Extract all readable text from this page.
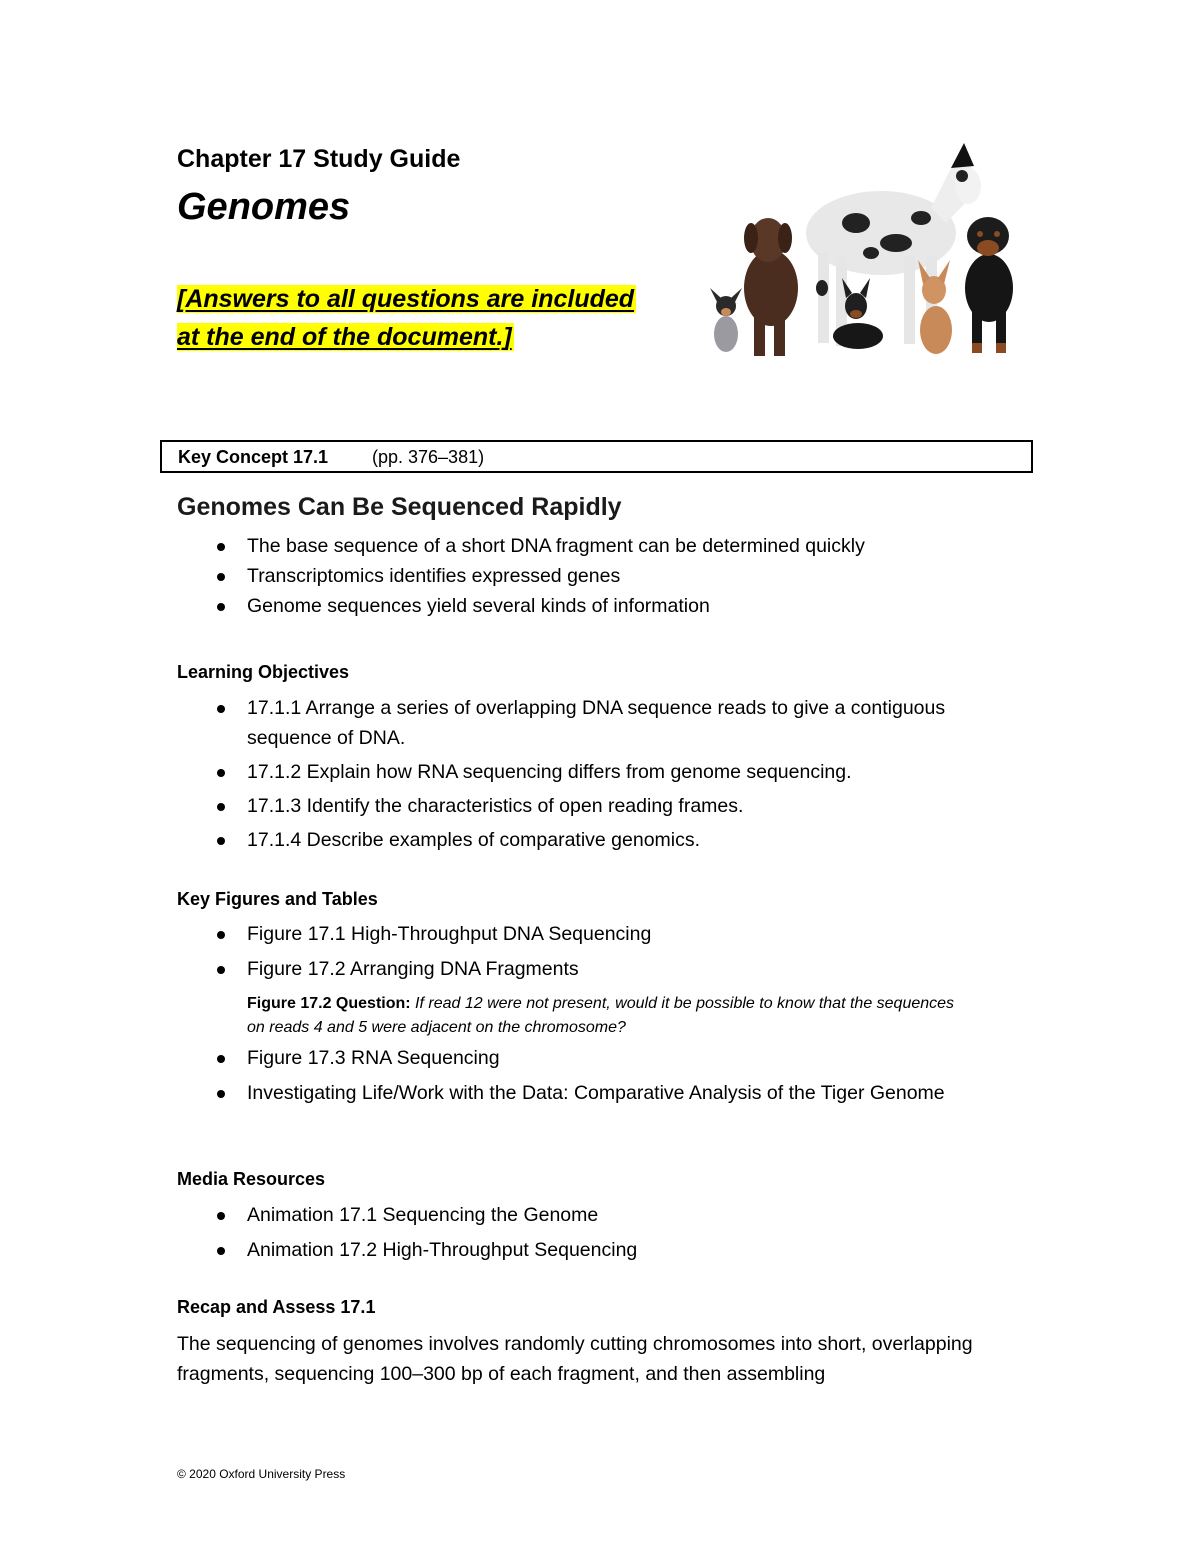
Chapter 17 Study Guide
Genomes
[Answers to all questions are included
at the end of the document.]
Key Concept 17.1 (pp. 376–381)
Genomes Can Be Sequenced Rapidly
The base sequence of a short DNA fragment can be determined quickly
Transcriptomics identifies expressed genes
Genome sequences yield several kinds of information
Learning Objectives
17.1.1 Arrange a series of overlapping DNA sequence reads to give a contiguous sequence of DNA.
17.1.2 Explain how RNA sequencing differs from genome sequencing.
17.1.3 Identify the characteristics of open reading frames.
17.1.4 Describe examples of comparative genomics.
Key Figures and Tables
Figure 17.1 High-Throughput DNA Sequencing
Figure 17.2 Arranging DNA Fragments
Figure 17.2 Question: If read 12 were not present, would it be possible to know that the sequences on reads 4 and 5 were adjacent on the chromosome?
Figure 17.3 RNA Sequencing
Investigating Life/Work with the Data: Comparative Analysis of the Tiger Genome
Media Resources
Animation 17.1 Sequencing the Genome
Animation 17.2 High-Throughput Sequencing
Recap and Assess 17.1
The sequencing of genomes involves randomly cutting chromosomes into short, overlapping fragments, sequencing 100–300 bp of each fragment, and then assembling
© 2020 Oxford University Press
